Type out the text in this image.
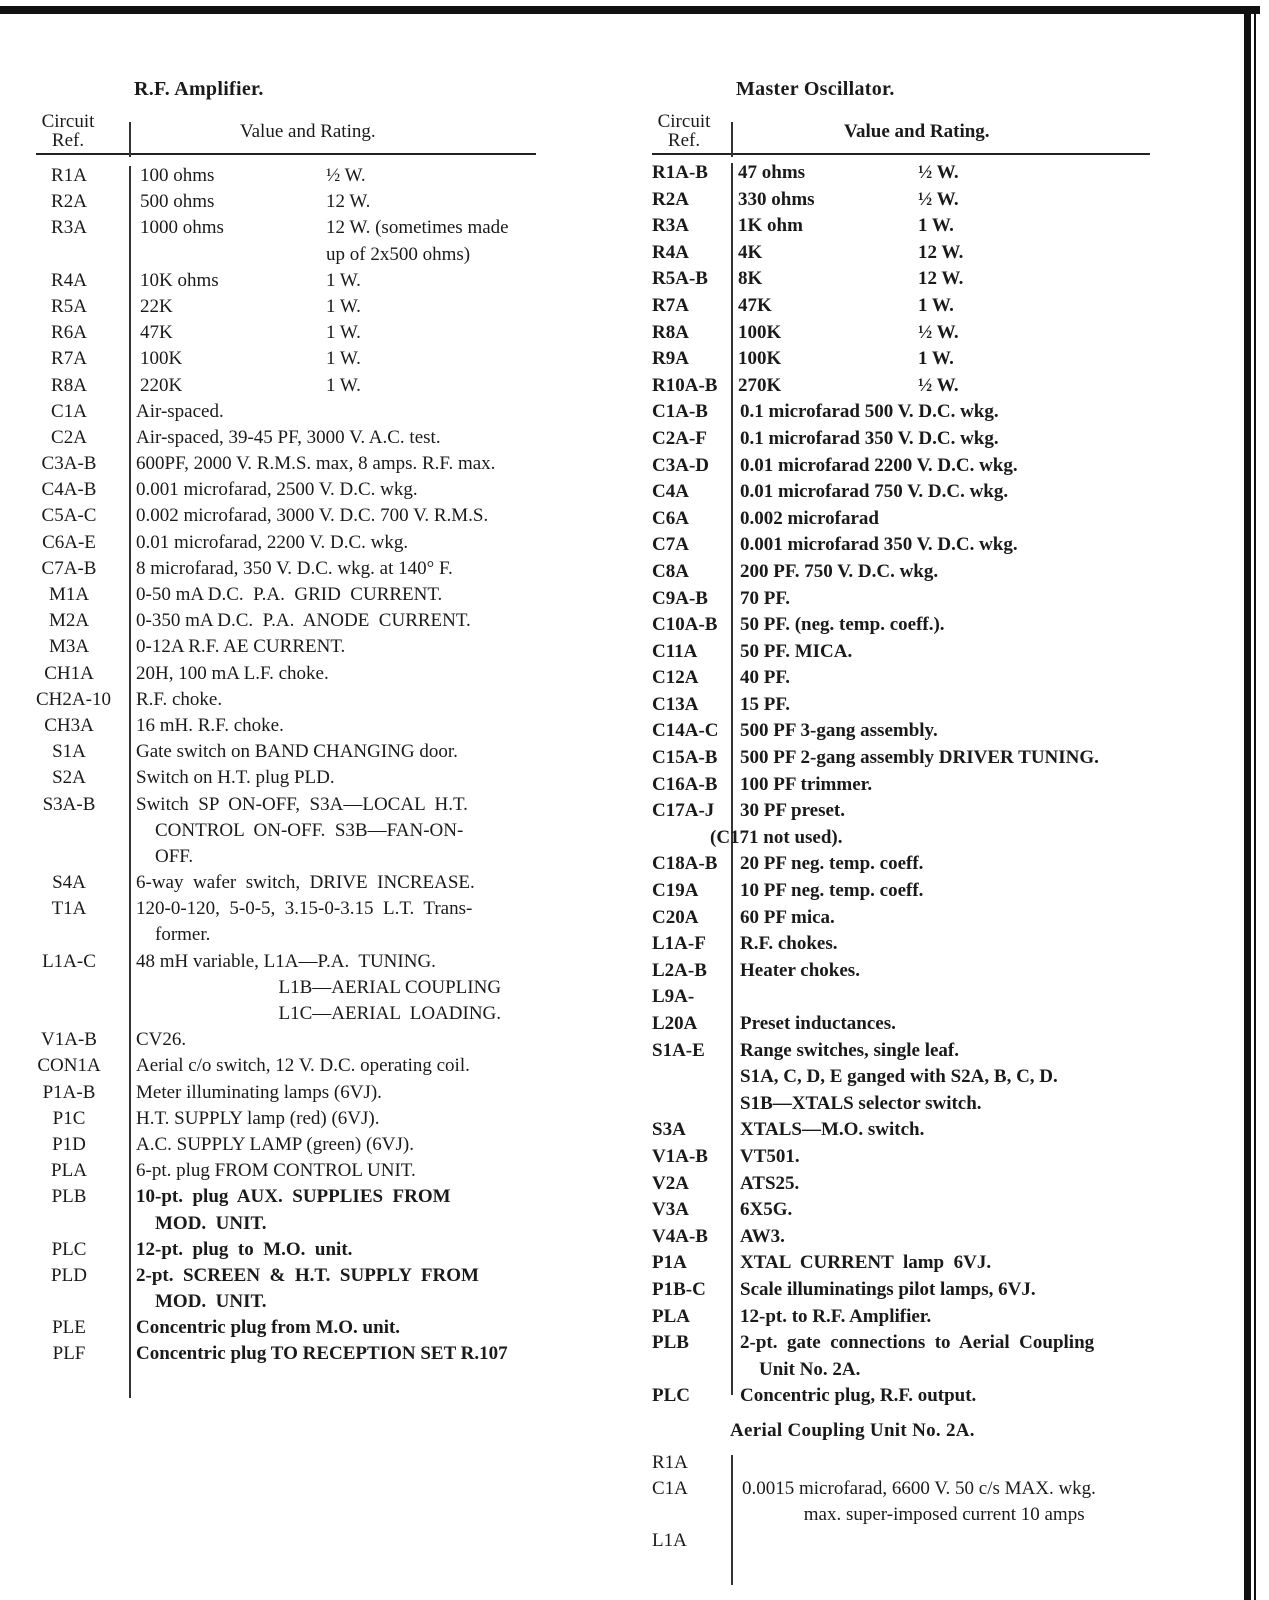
R.F. Amplifier.
Circuit
Ref.	Value and Rating.
R1A	100 ohms	½ W.
R2A	500 ohms	12 W.
R3A	1000 ohms	12 W. (sometimes made
up of 2x500 ohms)
R4A	10K ohms	1 W.
R5A	22K	1 W.
R6A	47K	1 W.
R7A	100K	1 W.
R8A	220K	1 W.
C1A	Air-spaced.
C2A	Air-spaced, 39-45 PF, 3000 V. A.C. test.
C3A-B 600PF, 2000 V. R.M.S. max, 8 amps. R.F. max.
C4A-B 0.001 microfarad, 2500 V. D.C. wkg.
C5A-C 0.002 microfarad, 3000 V. D.C. 700 V. R.M.S.
C6A-E	0.01 microfarad, 2200 V. D.C. wkg.
C7A-B 8 microfarad, 350 V. D.C. wkg. at 140° F.
M1A	0-50 mA D.C.  P.A.  GRID  CURRENT.
M2A	0-350 mA D.C.  P.A.  ANODE  CURRENT.
M3A	0-12A R.F. AE CURRENT.
CH1A	20H, 100 mA L.F. choke.
CH2A-10 R.F. choke.
CH3A	16 mH. R.F. choke.
S1A	Gate switch on BAND CHANGING door.
S2A	Switch on H.T. plug PLD.
S3A-B	Switch  SP  ON-OFF,  S3A—LOCAL  H.T.
CONTROL  ON-OFF.  S3B—FAN-ON-
OFF.
S4A	6-way  wafer  switch,  DRIVE  INCREASE.
T1A	120-0-120,  5-0-5,  3.15-0-3.15  L.T.  Trans-
former.
L1A-C	48 mH variable, L1A—P.A.  TUNING.
L1B—AERIAL COUPLING
L1C—AERIAL  LOADING.
V1A-B CV26.
CON1A Aerial c/o switch, 12 V. D.C. operating coil.
P1A-B	Meter illuminating lamps (6VJ).
P1C	H.T. SUPPLY lamp (red) (6VJ).
P1D	A.C. SUPPLY LAMP (green) (6VJ).
PLA	6-pt. plug FROM CONTROL UNIT.
PLB	10-pt.  plug  AUX.  SUPPLIES  FROM
MOD.  UNIT.
PLC	12-pt.  plug  to  M.O.  unit.
PLD	2-pt.  SCREEN  &  H.T.  SUPPLY  FROM
MOD.  UNIT.
PLE	Concentric plug from M.O. unit.
PLF	Concentric plug TO RECEPTION SET R.107
Master Oscillator.
Circuit
Ref.	Value and Rating.
R1A-B	47 ohms	½ W.
R2A	330 ohms	½ W.
R3A	1K ohm	1 W.
R4A	4K	12 W.
R5A-B	8K	12 W.
R7A	47K	1 W.
R8A	100K	½ W.
R9A	100K	1 W.
R10A-B 270K	½ W.
C1A-B	0.1 microfarad 500 V. D.C. wkg.
C2A-F	0.1 microfarad 350 V. D.C. wkg.
C3A-D	0.01 microfarad 2200 V. D.C. wkg.
C4A	0.01 microfarad 750 V. D.C. wkg.
C6A	0.002 microfarad
C7A	0.001 microfarad 350 V. D.C. wkg.
C8A	200 PF. 750 V. D.C. wkg.
C9A-B	70 PF.
C10A-B 50 PF. (neg. temp. coeff.).
C11A	50 PF. MICA.
C12A	40 PF.
C13A	15 PF.
C14A-C 500 PF 3-gang assembly.
C15A-B 500 PF 2-gang assembly DRIVER TUNING.
C16A-B 100 PF trimmer.
C17A-J	30 PF preset.
(C171 not used).
C18A-B 20 PF neg. temp. coeff.
C19A	10 PF neg. temp. coeff.
C20A	60 PF mica.
L1A-F	R.F. chokes.
L2A-B	Heater chokes.
L9A-
L20A	Preset inductances.
S1A-E	Range switches, single leaf.
S1A, C, D, E ganged with S2A, B, C, D.
S1B—XTALS selector switch.
S3A	XTALS—M.O. switch.
V1A-B	VT501.
V2A	ATS25.
V3A	6X5G.
V4A-B	AW3.
P1A	XTAL  CURRENT  lamp  6VJ.
P1B-C	Scale illuminatings pilot lamps, 6VJ.
PLA	12-pt. to R.F. Amplifier.
PLB	2-pt.  gate  connections  to  Aerial  Coupling
Unit No. 2A.
PLC	Concentric plug, R.F. output.
Aerial Coupling Unit No. 2A.
R1A
C1A	0.0015 microfarad, 6600 V. 50 c/s MAX. wkg.
max. super-imposed current 10 amps
L1A
